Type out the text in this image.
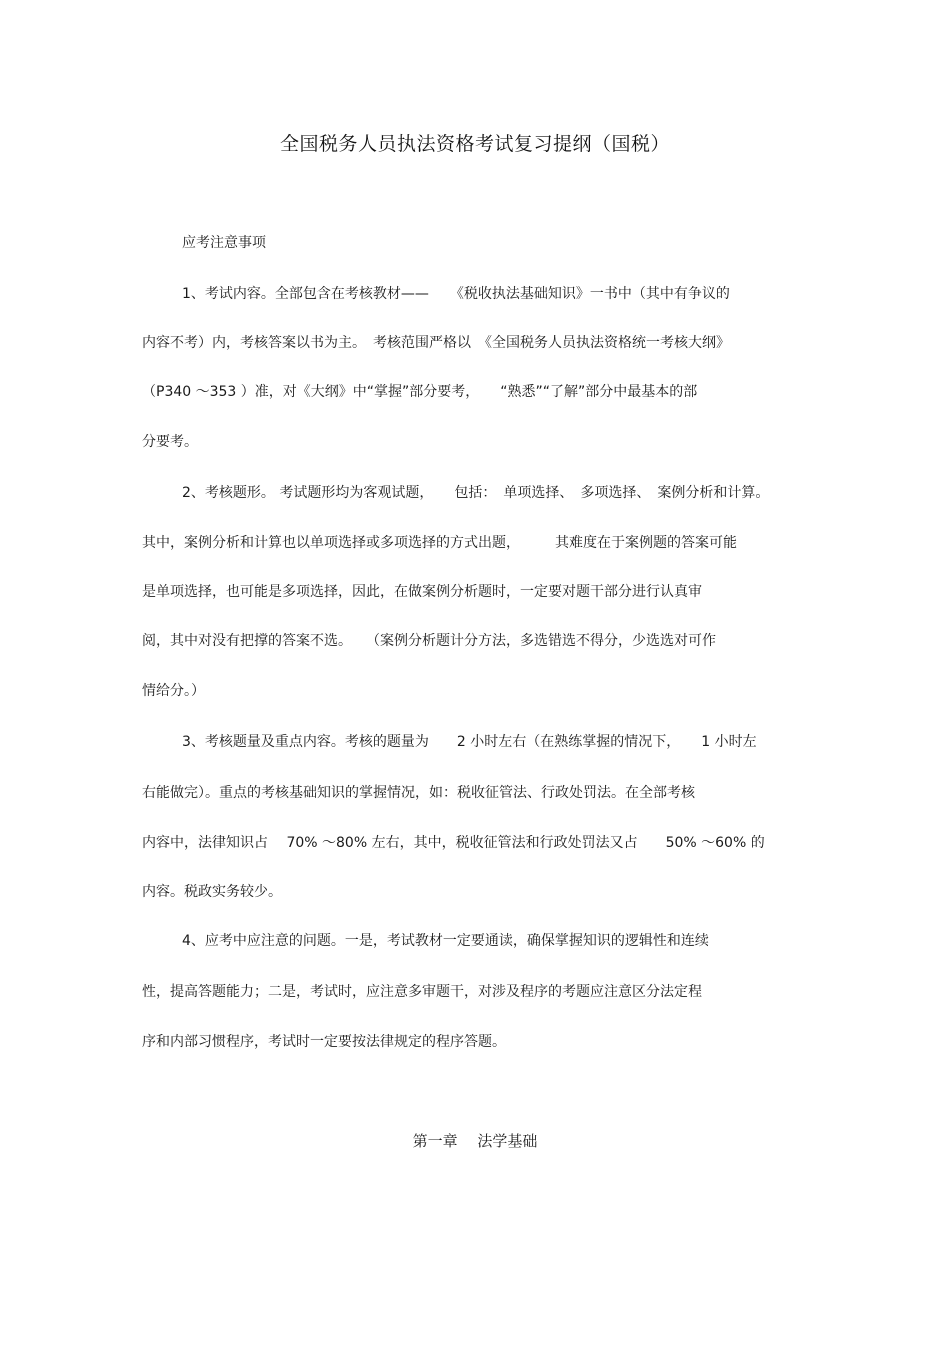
全国税务人员执法资格考试复习提纲（国税）
应考注意事项
1、考试内容。全部包含在考核教材——　　《税收执法基础知识》一书中（其中有争议的
内容不考）内，考核答案以书为主。　考核范围严格以　《全国税务人员执法资格统一考核大纲》
（P340 ～353 ）准，对《大纲》中“掌握”部分要考，　　“熟悉”“了解”部分中最基本的部
分要考。
2、考核题形。 考试题形均为客观试题，　　包括：　单项选择、　多项选择、　案例分析和计算。
其中，案例分析和计算也以单项选择或多项选择的方式出题，　　　其难度在于案例题的答案可能
是单项选择，也可能是多项选择，因此，在做案例分析题时，一定要对题干部分进行认真审
阅，其中对没有把撑的答案不选。　　（案例分析题计分方法，多选错选不得分，少选选对可作
情给分。）
3、考核题量及重点内容。考核的题量为　　2 小时左右（在熟练掌握的情况下，　　1 小时左
右能做完）。重点的考核基础知识的掌握情况，如：税收征管法、行政处罚法。在全部考核
内容中，法律知识占　 70% ～80% 左右，其中，税收征管法和行政处罚法又占　　50% ～60% 的
内容。税政实务较少。
4、应考中应注意的问题。一是，考试教材一定要通读，确保掌握知识的逻辑性和连续
性，提高答题能力；二是，考试时，应注意多审题干，对涉及程序的考题应注意区分法定程
序和内部习惯程序，考试时一定要按法律规定的程序答题。
第一章　 法学基础
